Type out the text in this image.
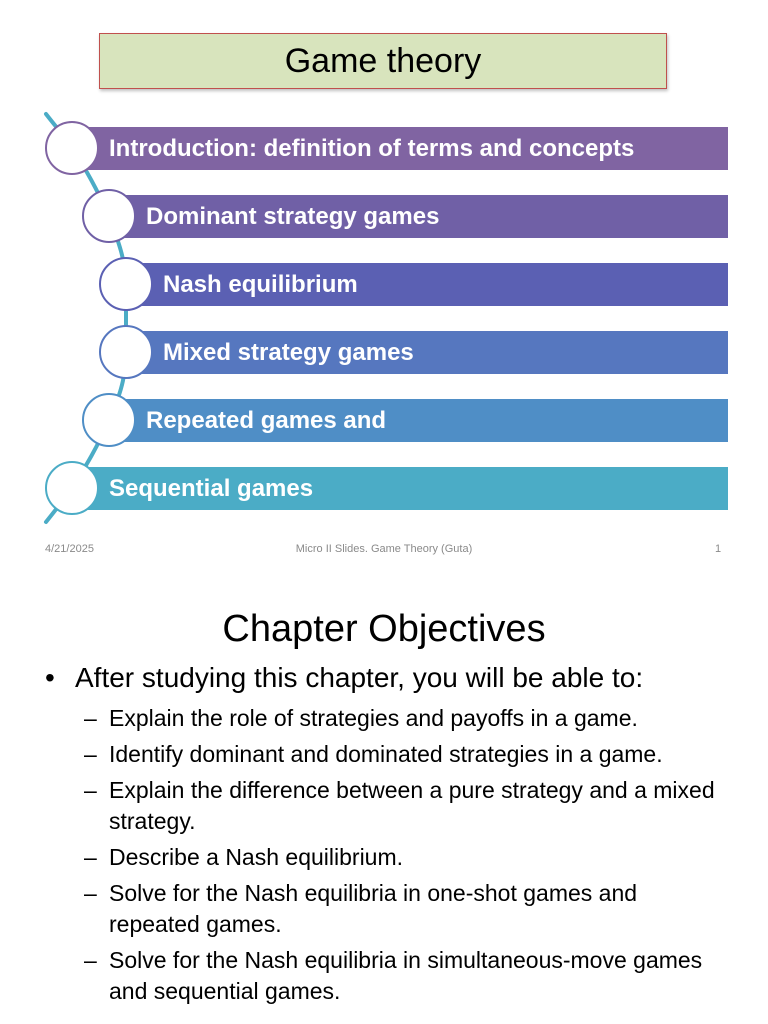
Game theory
Introduction: definition of terms and concepts
Dominant strategy games
Nash equilibrium
Mixed strategy games
Repeated games and
Sequential games
4/21/2025	Micro II Slides. Game Theory (Guta)	1
Chapter Objectives
• After studying this chapter, you will be able to:
– Explain the role of strategies and payoffs in a game.
– Identify dominant and dominated strategies in a game.
– Explain the difference between a pure strategy and a mixed strategy.
– Describe a Nash equilibrium.
– Solve for the Nash equilibria in one-shot games and repeated games.
– Solve for the Nash equilibria in simultaneous-move games and sequential games.
